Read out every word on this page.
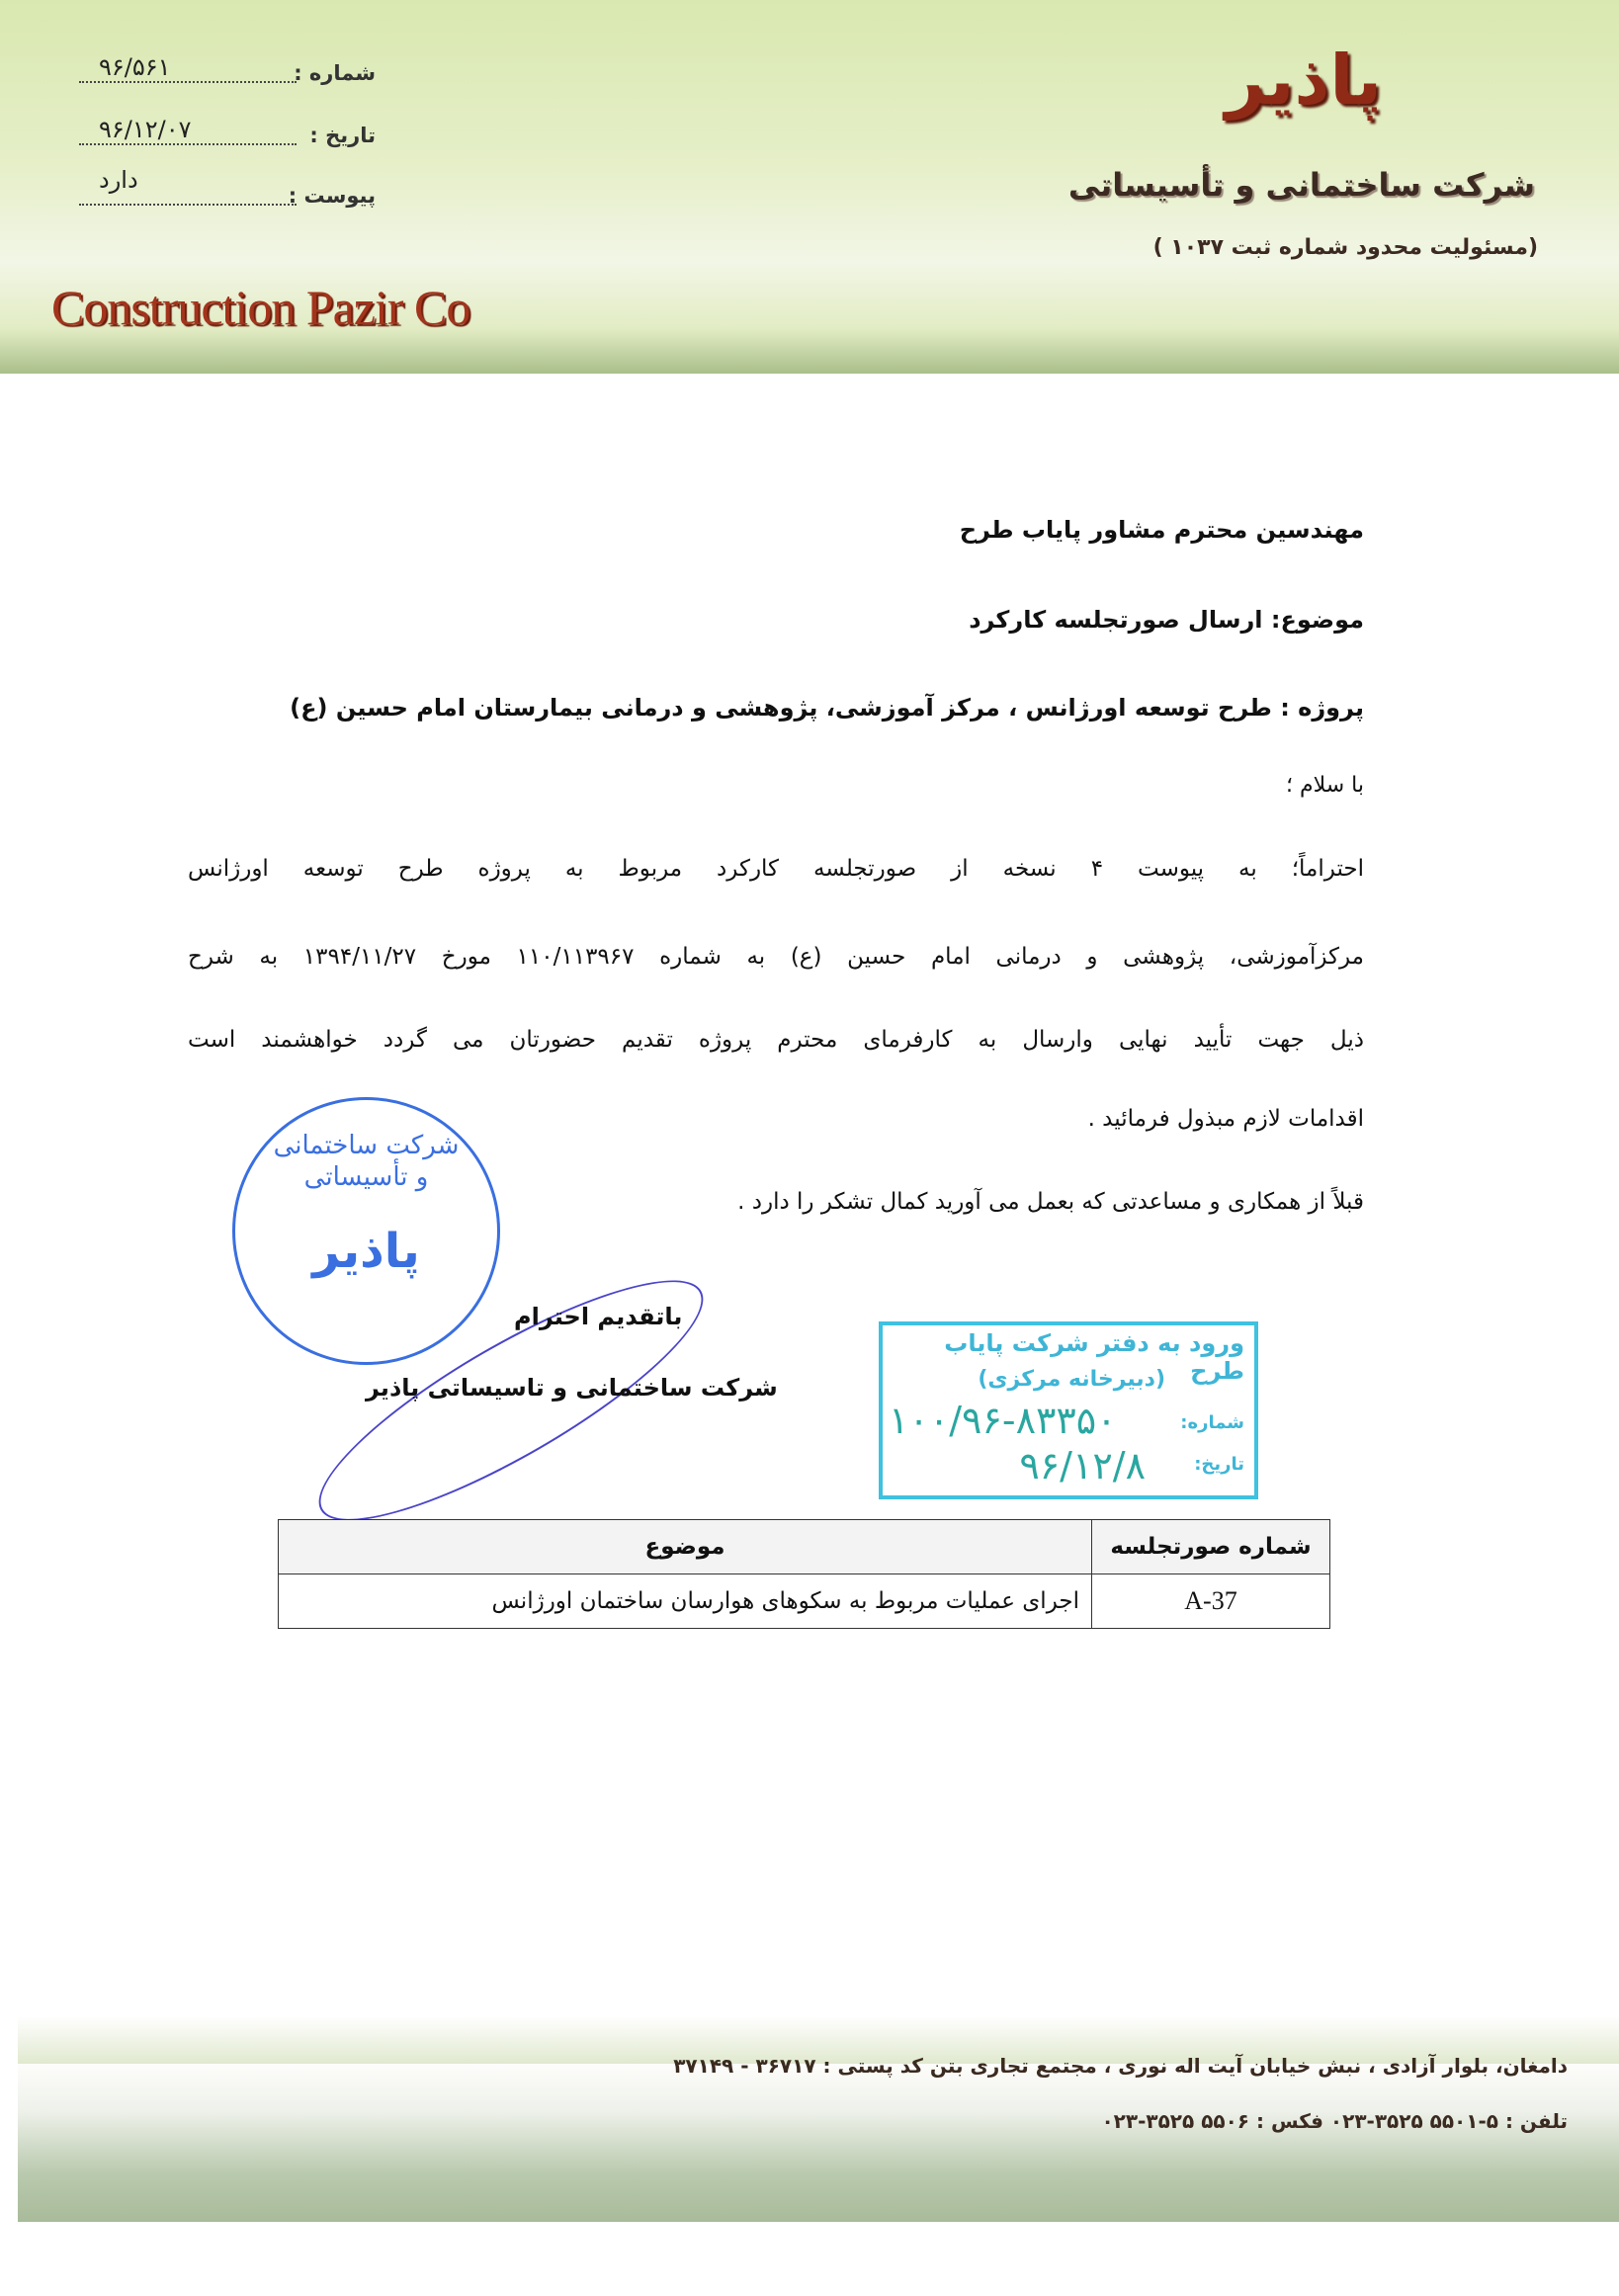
پاذیر
شرکت ساختمانی و تأسیساتی
(مسئولیت محدود شماره ثبت ۱۰۳۷ )
Construction Pazir Co
شماره :
۹۶/۵۶۱
تاریخ :
۹۶/۱۲/۰۷
پیوست :
دارد
مهندسین محترم مشاور پایاب طرح
موضوع: ارسال صورتجلسه کارکرد
پروژه : طرح توسعه اورژانس ، مرکز آموزشی، پژوهشی و درمانی بیمارستان امام حسین (ع)
با سلام ؛
احتراماً؛ به پیوست ۴ نسخه از صورتجلسه کارکرد مربوط به پروژه طرح توسعه اورژانس
مرکزآموزشی، پژوهشی و درمانی امام حسین (ع) به شماره ۱۱۰/۱۱۳۹۶۷ مورخ ۱۳۹۴/۱۱/۲۷ به شرح
ذیل جهت تأیید نهایی وارسال به کارفرمای محترم پروژه تقدیم حضورتان می گردد خواهشمند است
اقدامات لازم مبذول فرمائید .
قبلاً از همکاری و مساعدتی که بعمل می آورید کمال تشکر را دارد .
شرکت ساختمانی و تأسیساتی
پاذیر
باتقدیم احترام
شرکت ساختمانی و تاسیساتی پاذیر
ورود به دفتر شرکت پایاب طرح
(دبیرخانه مرکزی)
شماره:
۱۰۰/۹۶-۸۳۳۵۰
تاریخ:
۹۶/۱۲/۸
شماره صورتجلسه	موضوع
A-37	اجرای عملیات مربوط به سکوهای هوارسان ساختمان اورژانس
دامغان، بلوار آزادی ، نبش خیابان آیت اله نوری ، مجتمع تجاری بتن کد پستی : ۳۶۷۱۷ - ۳۷۱۴۹
تلفن : ۵-۵۵۰۱ ۳۵۲۵-۰۲۳ فکس : ۵۵۰۶ ۳۵۲۵-۰۲۳
